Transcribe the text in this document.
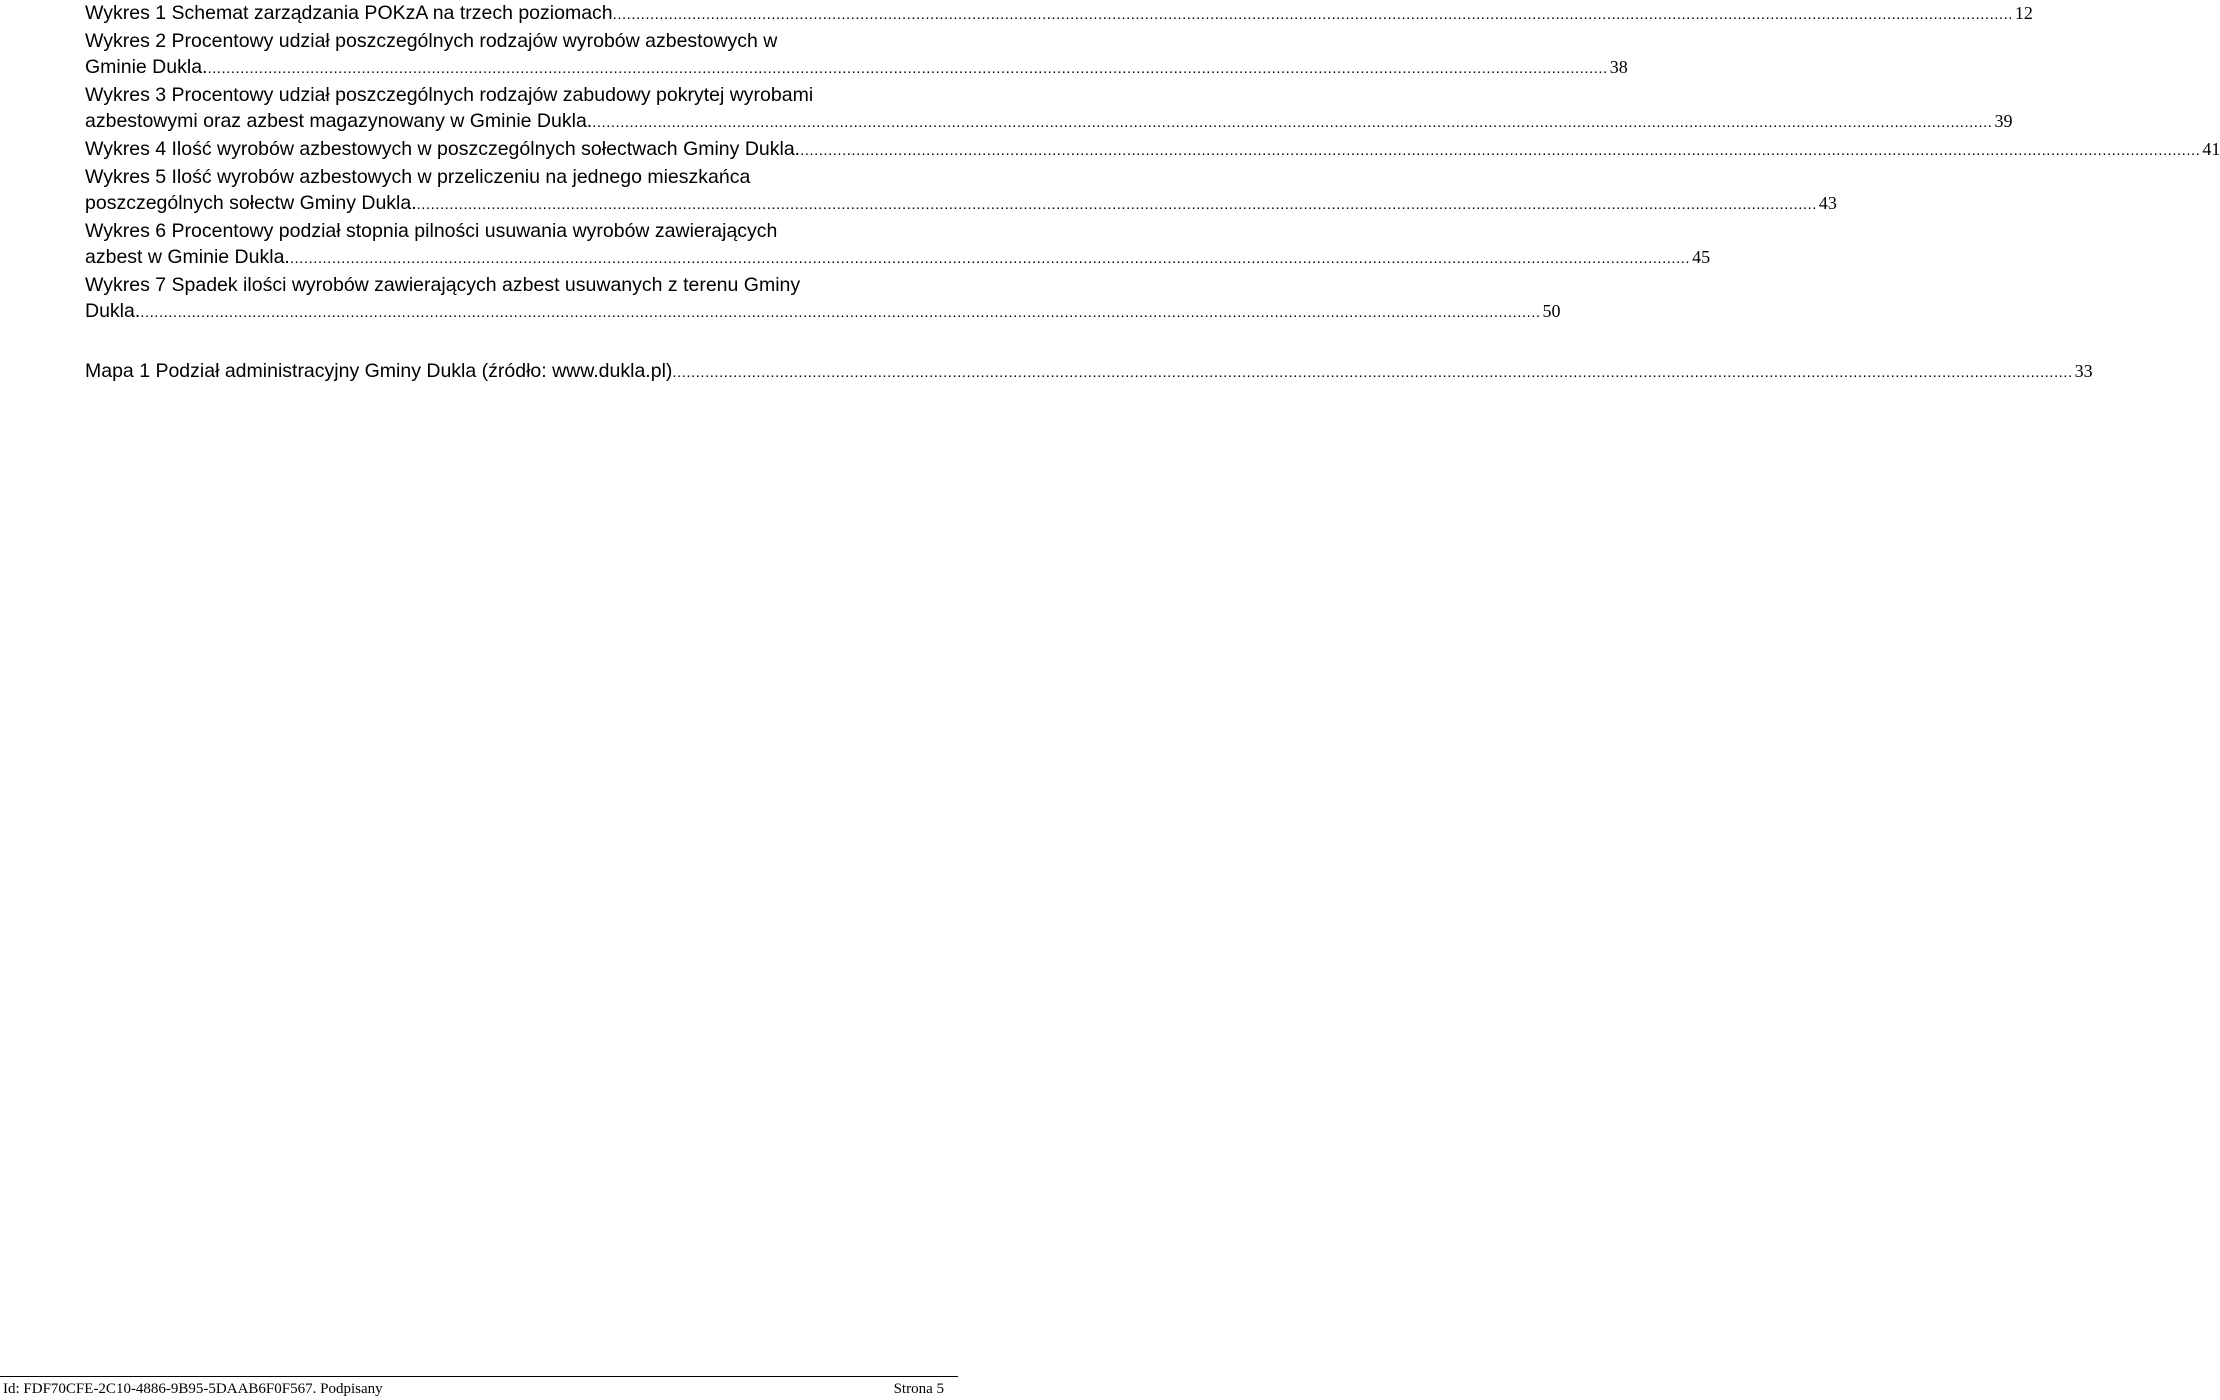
Wykres 1 Schemat zarządzania POKzA na trzech poziomach ............................................................................................................................................................................................................................................................................................................ 12
Wykres 2 Procentowy udział poszczególnych rodzajów wyrobów azbestowych w
Gminie Dukla. ............................................................................................................................................................................................................................................................................................................ 38
Wykres 3 Procentowy udział poszczególnych rodzajów zabudowy pokrytej wyrobami
azbestowymi oraz azbest magazynowany w Gminie Dukla. ............................................................................................................................................................................................................................................................................................................ 39
Wykres 4 Ilość wyrobów azbestowych w poszczególnych sołectwach Gminy Dukla. ............................................................................................................................................................................................................................................................................................................ 41
Wykres 5 Ilość wyrobów azbestowych w przeliczeniu na jednego mieszkańca
poszczególnych sołectw Gminy Dukla. ............................................................................................................................................................................................................................................................................................................ 43
Wykres 6 Procentowy podział stopnia pilności usuwania wyrobów zawierających
azbest w Gminie Dukla. ............................................................................................................................................................................................................................................................................................................ 45
Wykres 7 Spadek ilości wyrobów zawierających azbest usuwanych z terenu Gminy
Dukla. ............................................................................................................................................................................................................................................................................................................ 50
Mapa 1 Podział administracyjny Gminy Dukla (źródło: www.dukla.pl) ............................................................................................................................................................................................................................................................................................................ 33
Id: FDF70CFE-2C10-4886-9B95-5DAAB6F0F567. Podpisany	Strona 5
